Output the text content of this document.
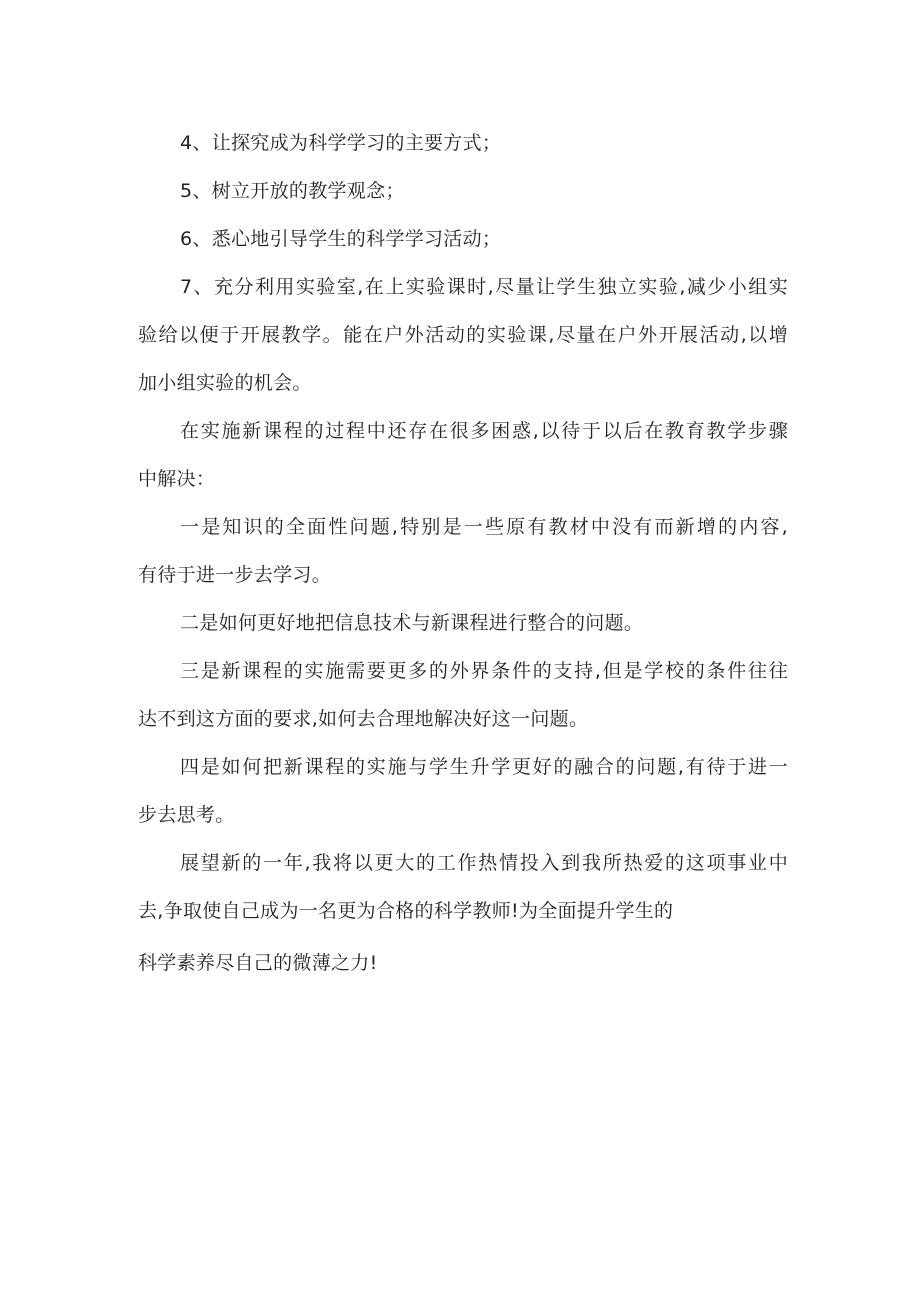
4、让探究成为科学学习的主要方式；
5、树立开放的教学观念；
6、悉心地引导学生的科学学习活动；
7、充分利用实验室,在上实验课时,尽量让学生独立实验,减少小组实
验给以便于开展教学。能在户外活动的实验课,尽量在户外开展活动,以增
加小组实验的机会。
在实施新课程的过程中还存在很多困惑,以待于以后在教育教学步骤
中解决：
一是知识的全面性问题,特别是一些原有教材中没有而新增的内容,
有待于进一步去学习。
二是如何更好地把信息技术与新课程进行整合的问题。
三是新课程的实施需要更多的外界条件的支持,但是学校的条件往往
达不到这方面的要求,如何去合理地解决好这一问题。
四是如何把新课程的实施与学生升学更好的融合的问题,有待于进一
步去思考。
展望新的一年,我将以更大的工作热情投入到我所热爱的这项事业中
去,争取使自己成为一名更为合格的科学教师!为全面提升学生的
科学素养尽自己的微薄之力!
